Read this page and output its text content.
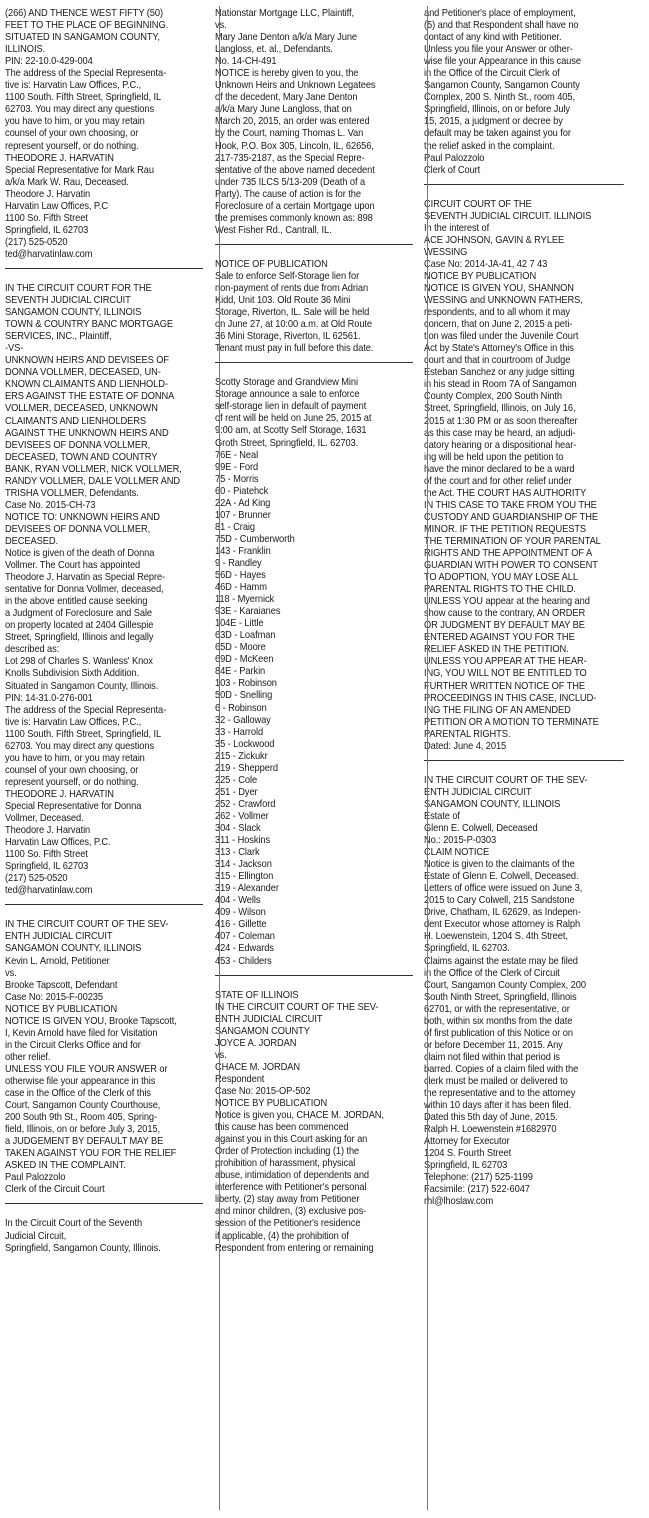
(266) AND THENCE WEST FIFTY (50)
FEET TO THE PLACE OF BEGINNING.
SITUATED IN SANGAMON COUNTY,
ILLINOIS.
PIN: 22-10.0-429-004
The address of the Special Representa-
tive is: Harvatin Law Offices, P.C.,
1100 South. Fifth Street, Springfield, IL
62703. You may direct any questions
you have to him, or you may retain
counsel of your own choosing, or
represent yourself, or do nothing.
THEODORE J. HARVATIN
Special Representative for Mark Rau
a/k/a Mark W. Rau, Deceased.
Theodore J. Harvatin
Harvatin Law Offices, P.C
1100 So. Fifth Street
Springfield, IL 62703
(217) 525-0520
ted@harvatinlaw.com
IN THE CIRCUIT COURT FOR THE
SEVENTH JUDICIAL CIRCUIT
SANGAMON COUNTY, ILLINOIS
TOWN & COUNTRY BANC MORTGAGE
SERVICES, INC., Plaintiff,
-VS-
UNKNOWN HEIRS AND DEVISEES OF
DONNA VOLLMER, DECEASED, UN-
KNOWN CLAIMANTS AND LIENHOLD-
ERS AGAINST THE ESTATE OF DONNA
VOLLMER, DECEASED, UNKNOWN
CLAIMANTS AND LIENHOLDERS
AGAINST THE UNKNOWN HEIRS AND
DEVISEES OF DONNA VOLLMER,
DECEASED, TOWN AND COUNTRY
BANK, RYAN VOLLMER, NICK VOLLMER,
RANDY VOLLMER, DALE VOLLMER AND
TRISHA VOLLMER, Defendants.
Case No. 2015-CH-73
NOTICE TO: UNKNOWN HEIRS AND
DEVISEES OF DONNA VOLLMER,
DECEASED.
Notice is given of the death of Donna
Vollmer. The Court has appointed
Theodore J. Harvatin as Special Repre-
sentative for Donna Vollmer, deceased,
in the above entitled cause seeking
a Judgment of Foreclosure and Sale
on property located at 2404 Gillespie
Street, Springfield, Illinois and legally
described as:
Lot 298 of Charles S. Wanless' Knox
Knolls Subdivision Sixth Addition.
Situated in Sangamon County, Illinois.
PIN: 14-31.0-276-001
The address of the Special Representa-
tive is: Harvatin Law Offices, P.C.,
1100 South. Fifth Street, Springfield, IL
62703. You may direct any questions
you have to him, or you may retain
counsel of your own choosing, or
represent yourself, or do nothing.
THEODORE J. HARVATIN
Special Representative for Donna
Vollmer, Deceased.
Theodore J. Harvatin
Harvatin Law Offices, P.C.
1100 So. Fifth Street
Springfield, IL 62703
(217) 525-0520
ted@harvatinlaw.com
IN THE CIRCUIT COURT OF THE SEV-
ENTH JUDICIAL CIRCUIT
SANGAMON COUNTY, ILLINOIS
Kevin L. Arnold, Petitioner
vs.
Brooke Tapscott, Defendant
Case No: 2015-F-00235
NOTICE BY PUBLICATION
NOTICE IS GIVEN YOU, Brooke Tapscott,
I, Kevin Arnold have filed for Visitation
in the Circuit Clerks Office and for
other relief.
UNLESS YOU FILE YOUR ANSWER or
otherwise file your appearance in this
case in the Office of the Clerk of this
Court, Sangamon County Courthouse,
200 South 9th St., Room 405, Spring-
field, Illinois, on or before July 3, 2015,
a JUDGEMENT BY DEFAULT MAY BE
TAKEN AGAINST YOU FOR THE RELIEF
ASKED IN THE COMPLAINT.
Paul Palozzolo
Clerk of the Circuit Court
In the Circuit Court of the Seventh
Judicial Circuit,
Springfield, Sangamon County, Illinois.
Nationstar Mortgage LLC, Plaintiff,
vs.
Mary Jane Denton a/k/a Mary June
Langloss, et. al., Defendants.
No. 14-CH-491
NOTICE is hereby given to you, the
Unknown Heirs and Unknown Legatees
of the decedent, Mary Jane Denton
a/k/a Mary June Langloss, that on
March 20, 2015, an order was entered
by the Court, naming Thomas L. Van
Hook, P.O. Box 305, Lincoln, IL, 62656,
217-735-2187, as the Special Repre-
sentative of the above named decedent
under 735 ILCS 5/13-209 (Death of a
Party). The cause of action is for the
Foreclosure of a certain Mortgage upon
the premises commonly known as: 898
West Fisher Rd., Cantrall, IL.
NOTICE OF PUBLICATION
Sale to enforce Self-Storage lien for
non-payment of rents due from Adrian
Kidd, Unit 103. Old Route 36 Mini
Storage, Riverton, IL. Sale will be held
on June 27, at 10:00 a.m. at Old Route
36 Mini Storage, Riverton, IL 62561.
Tenant must pay in full before this date.
Scotty Storage and Grandview Mini
Storage announce a sale to enforce
self-storage lien in default of payment
of rent will be held on June 25, 2015 at
9:00 am, at Scotty Self Storage, 1631
Groth Street, Springfield, IL. 62703.
76E - Neal
99E - Ford
75 - Morris
60 - Piatehck
22A - Ad King
107 - Brunner
81 - Craig
75D - Cumberworth
143 - Franklin
9 - Randley
56D - Hayes
46D - Hamm
118 - Myernick
93E - Karaianes
104E - Little
63D - Loafman
65D - Moore
69D - McKeen
84E - Parkin
103 - Robinson
50D - Snelling
6 - Robinson
32 - Galloway
33 - Harrold
35 - Lockwood
215 - Zickukr
219 - Shepperd
225 - Cole
251 - Dyer
252 - Crawford
262 - Vollmer
304 - Slack
311 - Hoskins
313 - Clark
314 - Jackson
315 - Ellington
319 - Alexander
404 - Wells
409 - Wilson
416 - Gillette
407 - Coleman
424 - Edwards
453 - Childers
STATE OF ILLINOIS
IN THE CIRCUIT COURT OF THE SEV-
ENTH JUDICIAL CIRCUIT
SANGAMON COUNTY
JOYCE A. JORDAN
vs.
CHACE M. JORDAN
Respondent
Case No: 2015-OP-502
NOTICE BY PUBLICATION
Notice is given you, CHACE M. JORDAN,
this cause has been commenced
against you in this Court asking for an
Order of Protection including (1) the
prohibition of harassment, physical
abuse, intimidation of dependents and
interference with Petitioner's personal
liberty, (2) stay away from Petitioner
and minor children, (3) exclusive pos-
session of the Petitioner's residence
if applicable, (4) the prohibition of
Respondent from entering or remaining
and Petitioner's place of employment,
(5) and that Respondent shall have no
contact of any kind with Petitioner.
Unless you file your Answer or other-
wise file your Appearance in this cause
in the Office of the Circuit Clerk of
Sangamon County, Sangamon County
Complex, 200 S. Ninth St., room 405,
Springfield, Illinois, on or before July
15, 2015, a judgment or decree by
default may be taken against you for
the relief asked in the complaint.
Paul Palozzolo
Clerk of Court
CIRCUIT COURT OF THE
SEVENTH JUDICIAL CIRCUIT. ILLINOIS
In the interest of
ACE JOHNSON, GAVIN & RYLEE
WESSING
Case No: 2014-JA-41, 42 7 43
NOTICE BY PUBLICATION
NOTICE IS GIVEN YOU, SHANNON
WESSING and UNKNOWN FATHERS,
respondents, and to all whom it may
concern, that on June 2, 2015 a peti-
tion was filed under the Juvenile Court
Act by State's Attorney's Office in this
court and that in courtroom of Judge
Esteban Sanchez or any judge sitting
in his stead in Room 7A of Sangamon
County Complex, 200 South Ninth
Street, Springfield, Illinois, on July 16,
2015 at 1:30 PM or as soon thereafter
as this case may be heard, an adjudi-
catory hearing or a dispositional hear-
ing will be held upon the petition to
have the minor declared to be a ward
of the court and for other relief under
the Act. THE COURT HAS AUTHORITY
IN THIS CASE TO TAKE FROM YOU THE
CUSTODY AND GUARDIANSHIP OF THE
MINOR. IF THE PETITION REQUESTS
THE TERMINATION OF YOUR PARENTAL
RIGHTS AND THE APPOINTMENT OF A
GUARDIAN WITH POWER TO CONSENT
TO ADOPTION, YOU MAY LOSE ALL
PARENTAL RIGHTS TO THE CHILD.
UNLESS YOU appear at the hearing and
show cause to the contrary, AN ORDER
OR JUDGMENT BY DEFAULT MAY BE
ENTERED AGAINST YOU FOR THE
RELIEF ASKED IN THE PETITION.
UNLESS YOU APPEAR AT THE HEAR-
ING, YOU WILL NOT BE ENTITLED TO
FURTHER WRITTEN NOTICE OF THE
PROCEEDINGS IN THIS CASE, INCLUD-
ING THE FILING OF AN AMENDED
PETITION OR A MOTION TO TERMINATE
PARENTAL RIGHTS.
Dated: June 4, 2015
IN THE CIRCUIT COURT OF THE SEV-
ENTH JUDICIAL CIRCUIT
SANGAMON COUNTY, ILLINOIS
Estate of
Glenn E. Colwell, Deceased
No.: 2015-P-0303
CLAIM NOTICE
Notice is given to the claimants of the
Estate of Glenn E. Colwell, Deceased.
Letters of office were issued on June 3,
2015 to Cary Colwell, 215 Sandstone
Drive, Chatham, IL 62629, as Indepen-
dent Executor whose attorney is Ralph
H. Loewenstein, 1204 S. 4th Street,
Springfield, IL 62703.
Claims against the estate may be filed
in the Office of the Clerk of Circuit
Court, Sangamon County Complex, 200
South Ninth Street, Springfield, Illinois
62701, or with the representative, or
both, within six months from the date
of first publication of this Notice or on
or before December 11, 2015. Any
claim not filed within that period is
barred. Copies of a claim filed with the
clerk must be mailed or delivered to
the representative and to the attorney
within 10 days after it has been filed.
Dated this 5th day of June, 2015.
Ralph H. Loewenstein #1682970
Attorney for Executor
1204 S. Fourth Street
Springfield, IL 62703
Telephone: (217) 525-1199
Facsimile: (217) 522-6047
rhl@lhoslaw.com
